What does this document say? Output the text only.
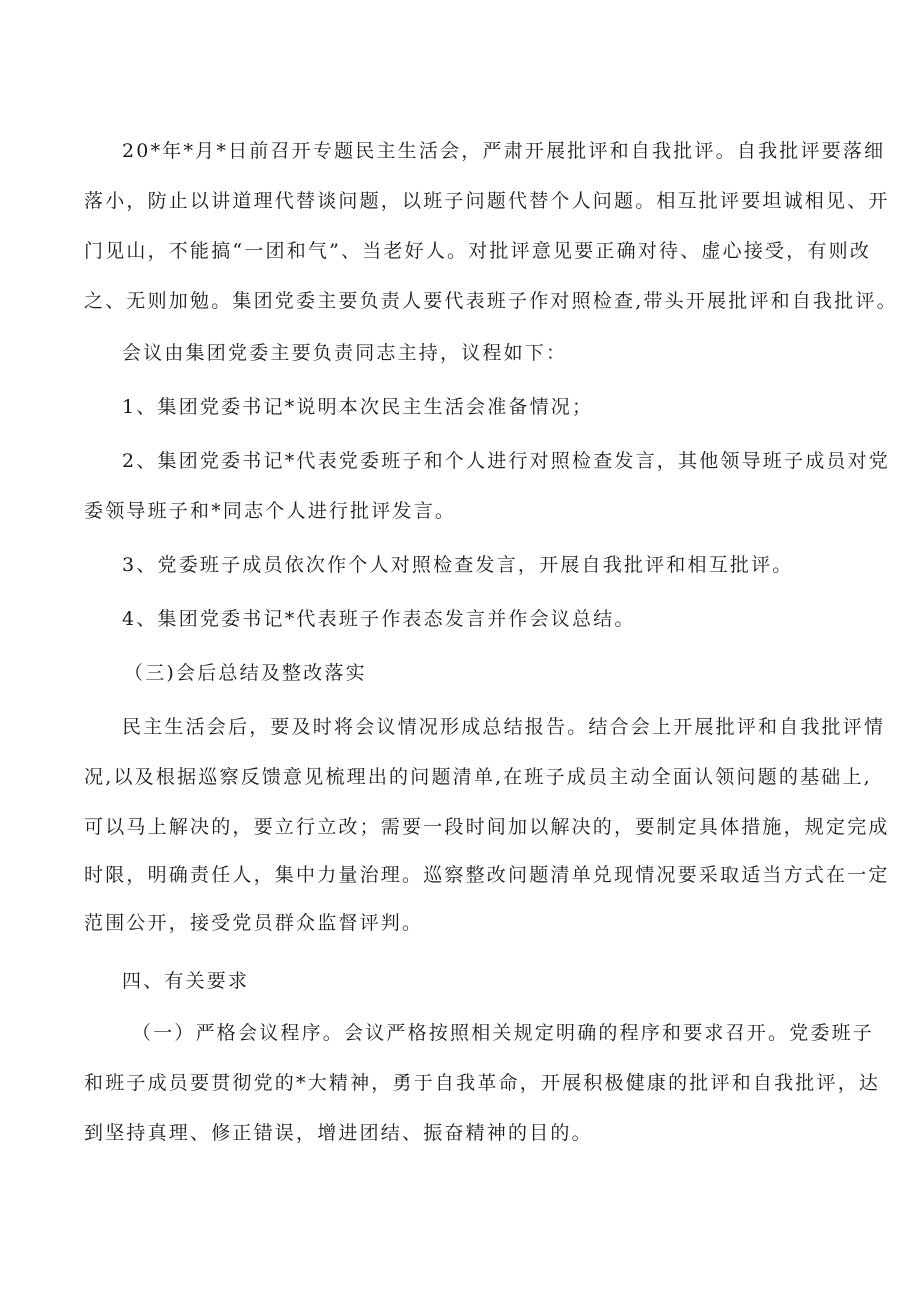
20*年*月*日前召开专题民主生活会，严肃开展批评和自我批评。自我批评要落细
落小，防止以讲道理代替谈问题，以班子问题代替个人问题。相互批评要坦诚相见、开
门见山，不能搞“一团和气”、当老好人。对批评意见要正确对待、虚心接受，有则改
之、无则加勉。集团党委主要负责人要代表班子作对照检查,带头开展批评和自我批评。
会议由集团党委主要负责同志主持，议程如下：
1、集团党委书记*说明本次民主生活会准备情况；
2、集团党委书记*代表党委班子和个人进行对照检查发言，其他领导班子成员对党
委领导班子和*同志个人进行批评发言。
3、党委班子成员依次作个人对照检查发言，开展自我批评和相互批评。
4、集团党委书记*代表班子作表态发言并作会议总结。
（三)会后总结及整改落实
民主生活会后，要及时将会议情况形成总结报告。结合会上开展批评和自我批评情
况,以及根据巡察反馈意见梳理出的问题清单,在班子成员主动全面认领问题的基础上,
可以马上解决的，要立行立改；需要一段时间加以解决的，要制定具体措施，规定完成
时限，明确责任人，集中力量治理。巡察整改问题清单兑现情况要采取适当方式在一定
范围公开，接受党员群众监督评判。
四、有关要求
（一）严格会议程序。会议严格按照相关规定明确的程序和要求召开。党委班子
和班子成员要贯彻党的*大精神，勇于自我革命，开展积极健康的批评和自我批评，达
到坚持真理、修正错误，增进团结、振奋精神的目的。
